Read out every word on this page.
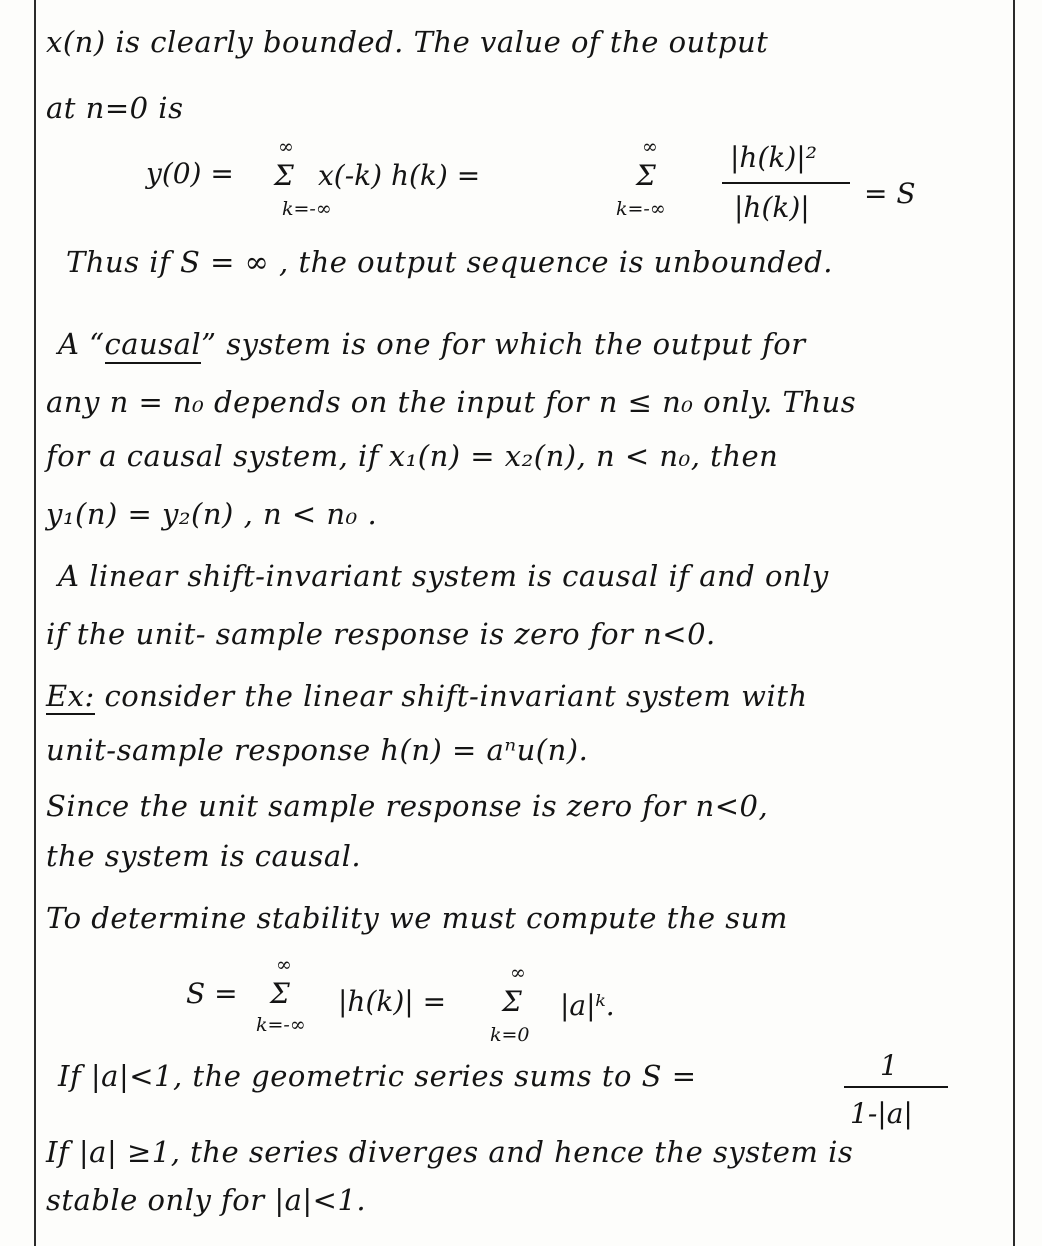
x(n) is clearly bounded. The value of the output
at n=0 is
y(0) =
∞
Σ
k=-∞
x(-k) h(k) =
∞
Σ
k=-∞
|h(k)|²
|h(k)| = S
Thus if S = ∞ , the output sequence is unbounded.
A “causal” system is one for which the output for
any n = n₀ depends on the input for n ≤ n₀ only. Thus
for a causal system, if x₁(n) = x₂(n), n < n₀, then
y₁(n) = y₂(n) , n < n₀ .
A linear shift-invariant system is causal if and only
if the unit- sample response is zero for n<0.
Ex: consider the linear shift-invariant system with
unit-sample response h(n) = aⁿu(n).
Since the unit sample response is zero for n<0,
the system is causal.
To determine stability we must compute the sum
S =
∞
Σ
k=-∞
|h(k)| =
∞
Σ
k=0
|a|ᵏ.
If |a|<1, the geometric series sums to S =	1
1-|a|
If |a| ≥1, the series diverges and hence the system is
stable only for |a|<1.
